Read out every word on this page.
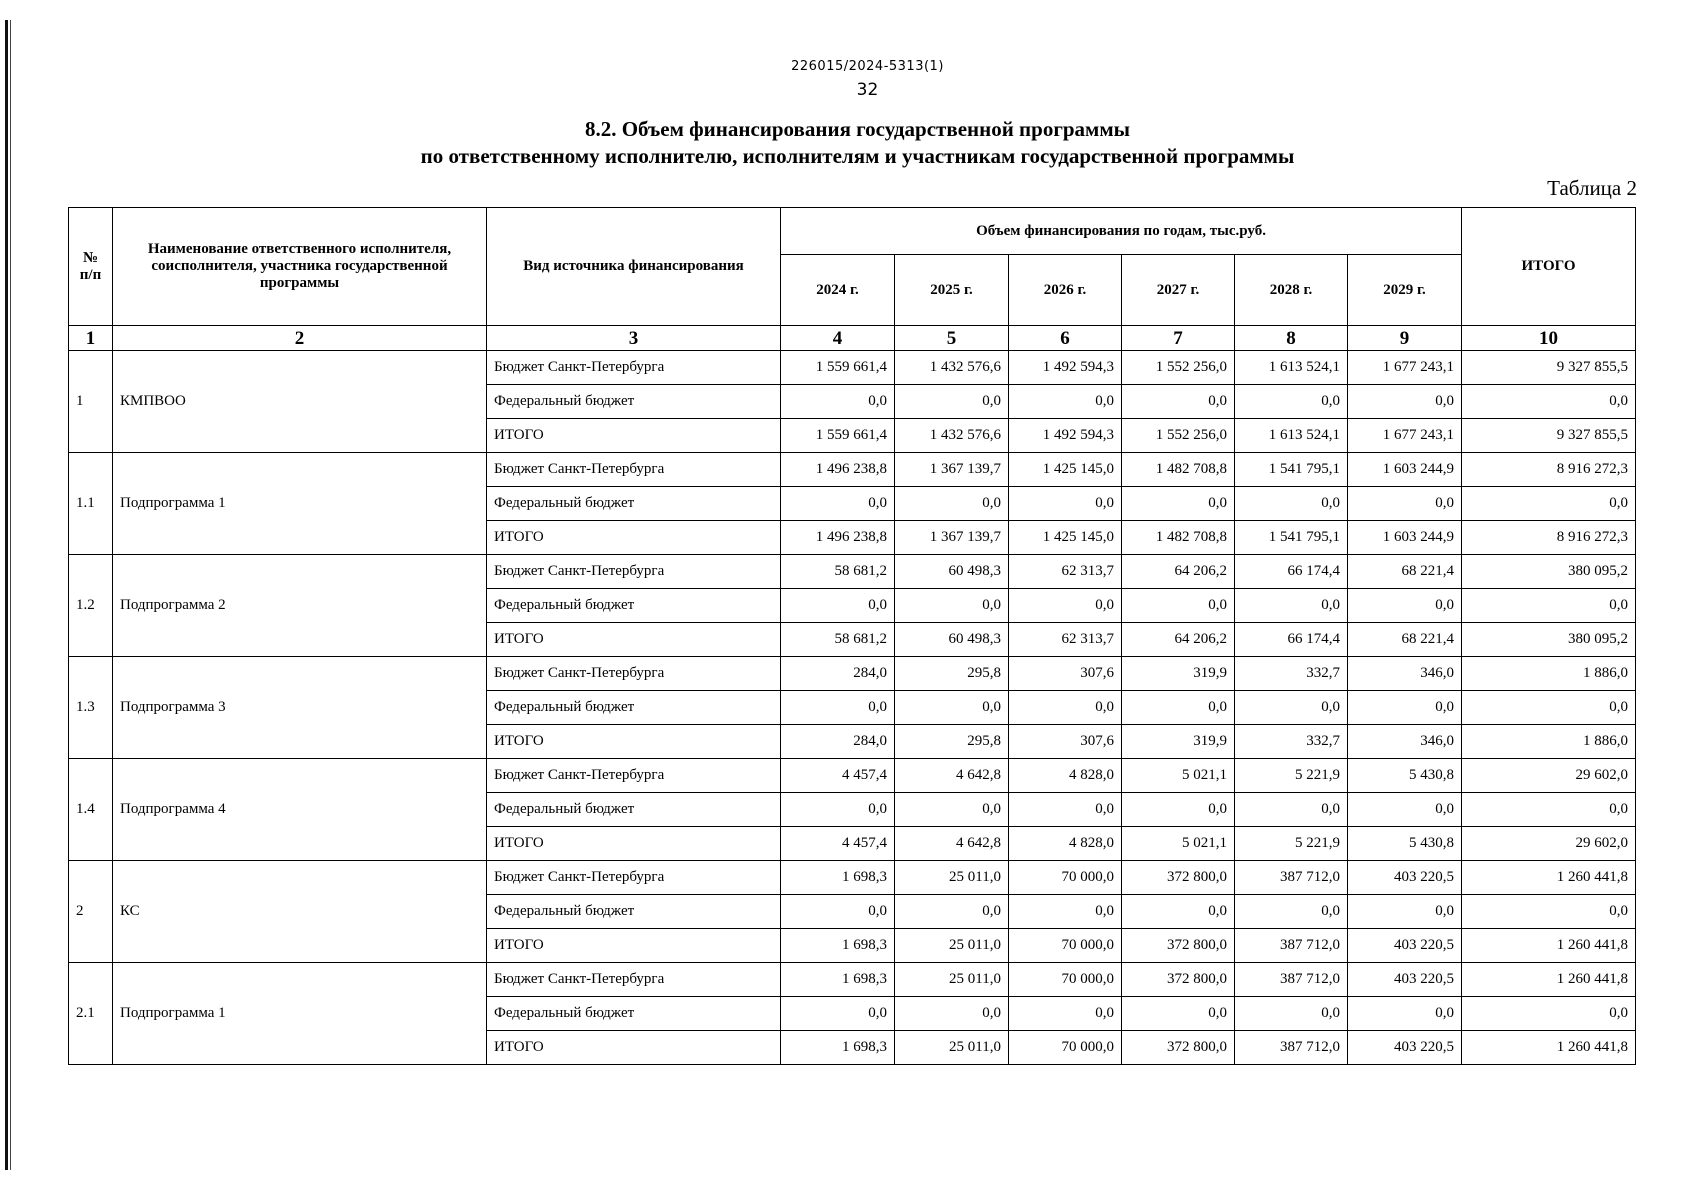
226015/2024-5313(1)
32
8.2. Объем финансирования государственной программы
по ответственному исполнителю, исполнителям и участникам государственной программы
Таблица 2
№ п/п	Наименование ответственного исполнителя, соисполнителя, участника государственной программы	Вид источника финансирования	Объем финансирования по годам, тыс.руб.						ИТОГО
			2024 г.	2025 г.	2026 г.	2027 г.	2028 г.	2029 г.	
1	2	3	4	5	6	7	8	9	10
1	КМПВОО	Бюджет Санкт-Петербурга	1 559 661,4	1 432 576,6	1 492 594,3	1 552 256,0	1 613 524,1	1 677 243,1	9 327 855,5
		Федеральный бюджет	0,0	0,0	0,0	0,0	0,0	0,0	0,0
		ИТОГО	1 559 661,4	1 432 576,6	1 492 594,3	1 552 256,0	1 613 524,1	1 677 243,1	9 327 855,5
1.1	Подпрограмма 1	Бюджет Санкт-Петербурга	1 496 238,8	1 367 139,7	1 425 145,0	1 482 708,8	1 541 795,1	1 603 244,9	8 916 272,3
		Федеральный бюджет	0,0	0,0	0,0	0,0	0,0	0,0	0,0
		ИТОГО	1 496 238,8	1 367 139,7	1 425 145,0	1 482 708,8	1 541 795,1	1 603 244,9	8 916 272,3
1.2	Подпрограмма 2	Бюджет Санкт-Петербурга	58 681,2	60 498,3	62 313,7	64 206,2	66 174,4	68 221,4	380 095,2
		Федеральный бюджет	0,0	0,0	0,0	0,0	0,0	0,0	0,0
		ИТОГО	58 681,2	60 498,3	62 313,7	64 206,2	66 174,4	68 221,4	380 095,2
1.3	Подпрограмма 3	Бюджет Санкт-Петербурга	284,0	295,8	307,6	319,9	332,7	346,0	1 886,0
		Федеральный бюджет	0,0	0,0	0,0	0,0	0,0	0,0	0,0
		ИТОГО	284,0	295,8	307,6	319,9	332,7	346,0	1 886,0
1.4	Подпрограмма 4	Бюджет Санкт-Петербурга	4 457,4	4 642,8	4 828,0	5 021,1	5 221,9	5 430,8	29 602,0
		Федеральный бюджет	0,0	0,0	0,0	0,0	0,0	0,0	0,0
		ИТОГО	4 457,4	4 642,8	4 828,0	5 021,1	5 221,9	5 430,8	29 602,0
2	КС	Бюджет Санкт-Петербурга	1 698,3	25 011,0	70 000,0	372 800,0	387 712,0	403 220,5	1 260 441,8
		Федеральный бюджет	0,0	0,0	0,0	0,0	0,0	0,0	0,0
		ИТОГО	1 698,3	25 011,0	70 000,0	372 800,0	387 712,0	403 220,5	1 260 441,8
2.1	Подпрограмма 1	Бюджет Санкт-Петербурга	1 698,3	25 011,0	70 000,0	372 800,0	387 712,0	403 220,5	1 260 441,8
		Федеральный бюджет	0,0	0,0	0,0	0,0	0,0	0,0	0,0
		ИТОГО	1 698,3	25 011,0	70 000,0	372 800,0	387 712,0	403 220,5	1 260 441,8
